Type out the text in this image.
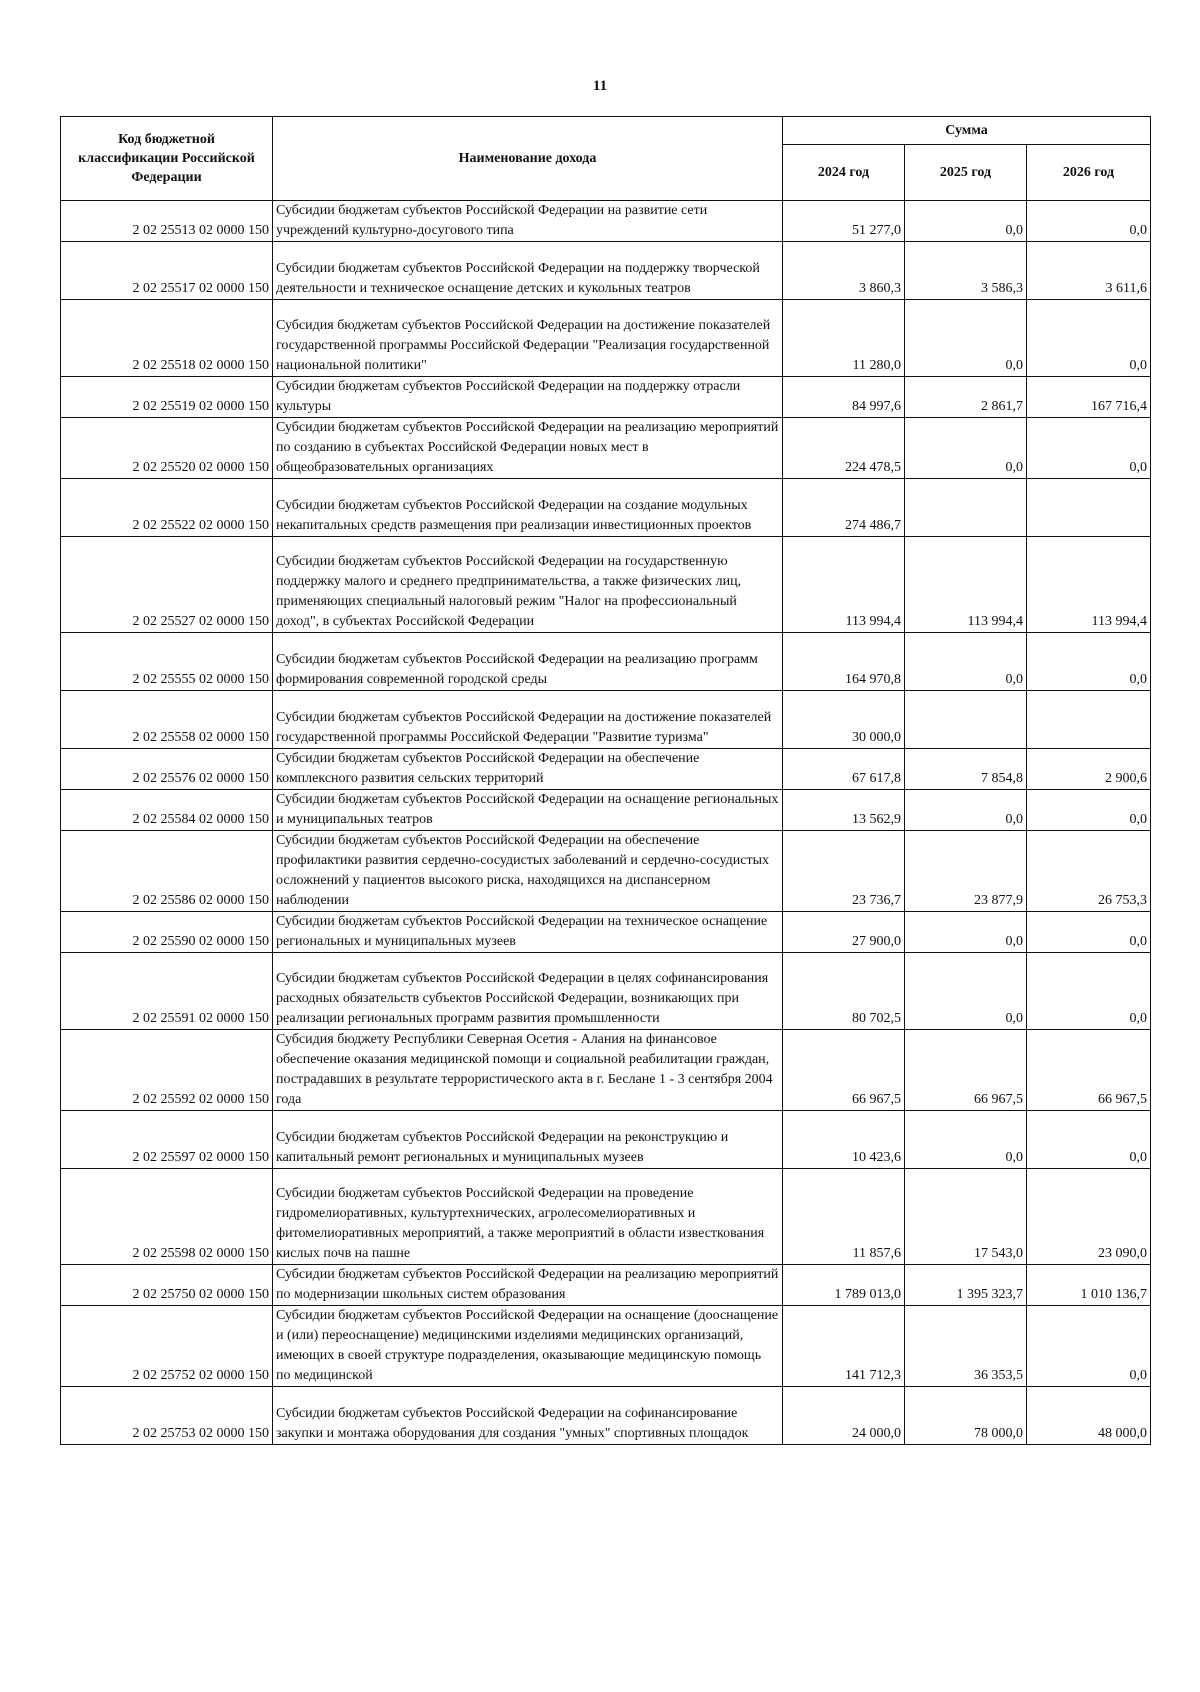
11
Код бюджетной классификации Российской Федерации	Наименование дохода	Сумма		
		2024 год	2025 год	2026 год
2 02 25513 02 0000 150	Субсидии бюджетам субъектов Российской Федерации на развитие сети учреждений культурно-досугового типа	51 277,0	0,0	0,0
2 02 25517 02 0000 150	Субсидии бюджетам субъектов Российской Федерации на поддержку творческой деятельности и техническое оснащение детских и кукольных театров	3 860,3	3 586,3	3 611,6
2 02 25518 02 0000 150	Субсидия бюджетам субъектов Российской Федерации на достижение показателей государственной программы Российской Федерации "Реализация государственной национальной политики"	11 280,0	0,0	0,0
2 02 25519 02 0000 150	Субсидии бюджетам субъектов Российской Федерации на поддержку отрасли культуры	84 997,6	2 861,7	167 716,4
2 02 25520 02 0000 150	Субсидии бюджетам субъектов Российской Федерации на реализацию мероприятий по созданию в субъектах Российской Федерации новых мест в общеобразовательных организациях	224 478,5	0,0	0,0
2 02 25522 02 0000 150	Субсидии бюджетам субъектов Российской Федерации на создание модульных некапитальных средств размещения при реализации инвестиционных проектов	274 486,7		
2 02 25527 02 0000 150	Субсидии бюджетам субъектов Российской Федерации на государственную поддержку малого и среднего предпринимательства, а также физических лиц, применяющих специальный налоговый режим "Налог на профессиональный доход", в субъектах Российской Федерации	113 994,4	113 994,4	113 994,4
2 02 25555 02 0000 150	Субсидии бюджетам субъектов Российской Федерации на реализацию программ формирования современной городской среды	164 970,8	0,0	0,0
2 02 25558 02 0000 150	Субсидии бюджетам субъектов Российской Федерации на достижение показателей государственной программы Российской Федерации "Развитие туризма"	30 000,0		
2 02 25576 02 0000 150	Субсидии бюджетам субъектов Российской Федерации на обеспечение комплексного развития сельских территорий	67 617,8	7 854,8	2 900,6
2 02 25584 02 0000 150	Субсидии бюджетам субъектов Российской Федерации на оснащение региональных и муниципальных театров	13 562,9	0,0	0,0
2 02 25586 02 0000 150	Субсидии бюджетам субъектов Российской Федерации на обеспечение профилактики развития сердечно-сосудистых заболеваний и сердечно-сосудистых осложнений у пациентов высокого риска, находящихся на диспансерном наблюдении	23 736,7	23 877,9	26 753,3
2 02 25590 02 0000 150	Субсидии бюджетам субъектов Российской Федерации на техническое оснащение региональных и муниципальных музеев	27 900,0	0,0	0,0
2 02 25591 02 0000 150	Субсидии бюджетам субъектов Российской Федерации в целях софинансирования расходных обязательств субъектов Российской Федерации, возникающих при реализации региональных программ развития промышленности	80 702,5	0,0	0,0
2 02 25592 02 0000 150	Субсидия бюджету Республики Северная Осетия - Алания на финансовое обеспечение оказания медицинской помощи и социальной реабилитации граждан, пострадавших в результате террористического акта в г. Беслане 1 - 3 сентября 2004 года	66 967,5	66 967,5	66 967,5
2 02 25597 02 0000 150	Субсидии бюджетам субъектов Российской Федерации на реконструкцию и капитальный ремонт региональных и муниципальных музеев	10 423,6	0,0	0,0
2 02 25598 02 0000 150	Субсидии бюджетам субъектов Российской Федерации на проведение гидромелиоративных, культуртехнических, агролесомелиоративных и фитомелиоративных мероприятий, а также мероприятий в области известкования кислых почв на пашне	11 857,6	17 543,0	23 090,0
2 02 25750 02 0000 150	Субсидии бюджетам субъектов Российской Федерации на реализацию мероприятий по модернизации школьных систем образования	1 789 013,0	1 395 323,7	1 010 136,7
2 02 25752 02 0000 150	Субсидии бюджетам субъектов Российской Федерации на оснащение (дооснащение и (или) переоснащение) медицинскими изделиями медицинских организаций, имеющих в своей структуре подразделения, оказывающие медицинскую помощь по медицинской	141 712,3	36 353,5	0,0
2 02 25753 02 0000 150	Субсидии бюджетам субъектов Российской Федерации на софинансирование закупки и монтажа оборудования для создания "умных" спортивных площадок	24 000,0	78 000,0	48 000,0
